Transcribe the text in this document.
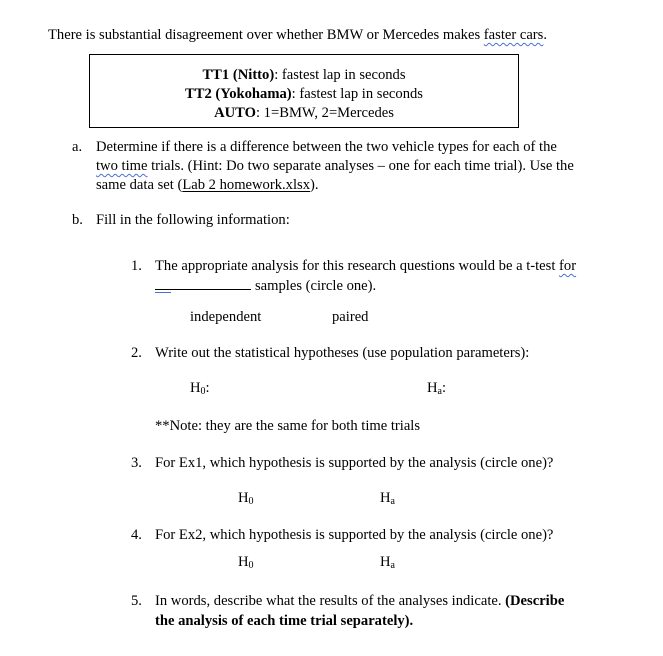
There is substantial disagreement over whether BMW or Mercedes makes faster cars.
TT1 (Nitto): fastest lap in seconds
TT2 (Yokohama): fastest lap in seconds
AUTO: 1=BMW, 2=Mercedes
a. Determine if there is a difference between the two vehicle types for each of the
two time trials. (Hint: Do two separate analyses – one for each time trial). Use the
same data set (Lab 2 homework.xlsx).
b. Fill in the following information:
1. The appropriate analysis for this research questions would be a t-test for
samples (circle one).
independent	paired
2. Write out the statistical hypotheses (use population parameters):
$H_0$:	$H_a$:
**Note: they are the same for both time trials
3. For Ex1, which hypothesis is supported by the analysis (circle one)?
$H_0$	$H_a$
4. For Ex2, which hypothesis is supported by the analysis (circle one)?
$H_0$	$H_a$
5. In words, describe what the results of the analyses indicate. (Describe
the analysis of each time trial separately).
